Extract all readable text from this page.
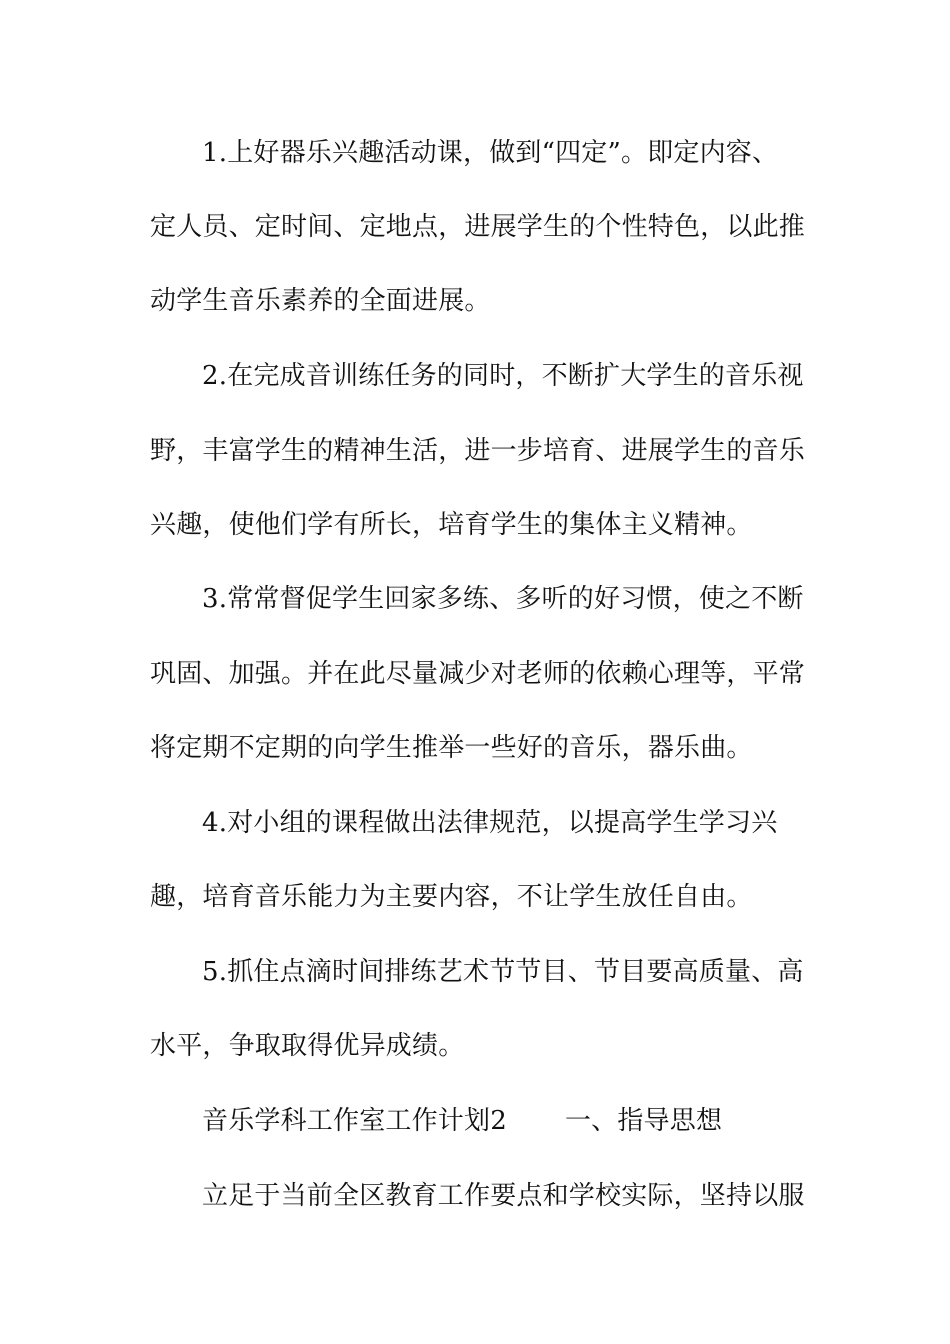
1.上好器乐兴趣活动课，做到“四定”。即定内容、
定人员、定时间、定地点，进展学生的个性特色，以此推
动学生音乐素养的全面进展。
2.在完成音训练任务的同时，不断扩大学生的音乐视
野，丰富学生的精神生活，进一步培育、进展学生的音乐
兴趣，使他们学有所长，培育学生的集体主义精神。
3.常常督促学生回家多练、多听的好习惯，使之不断
巩固、加强。并在此尽量减少对老师的依赖心理等，平常
将定期不定期的向学生推举一些好的音乐，器乐曲。
4.对小组的课程做出法律规范，以提高学生学习兴
趣，培育音乐能力为主要内容，不让学生放任自由。
5.抓住点滴时间排练艺术节节目、节目要高质量、高
水平，争取取得优异成绩。
音乐学科工作室工作计划2 一、指导思想
立足于当前全区教育工作要点和学校实际，坚持以服
